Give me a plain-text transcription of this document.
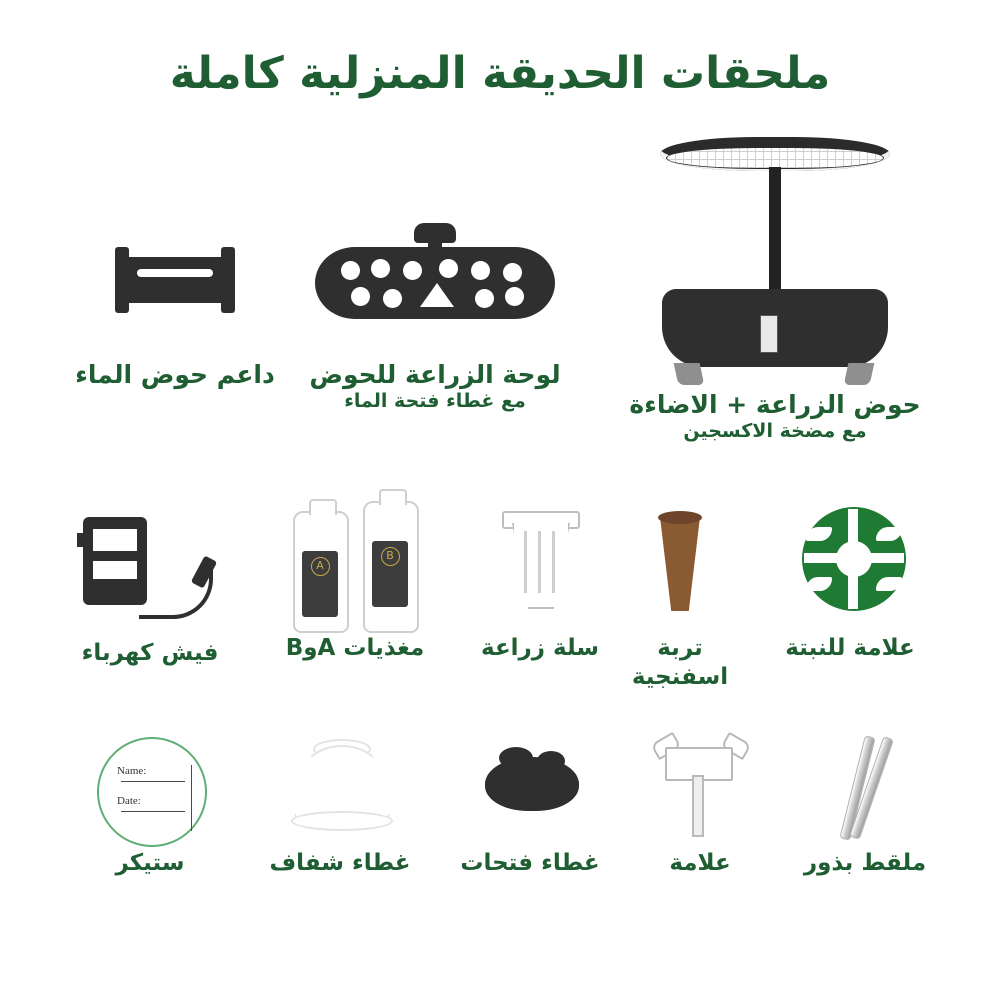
ملحقات الحديقة المنزلية كاملة
حوض الزراعة + الاضاءة
مع مضخة الاكسجين
لوحة الزراعة للحوض
مع غطاء فتحة الماء
داعم حوض الماء
فيش كهرباء
A
B
مغذيات AوB	سلة زراعة	تربة اسفنجية
علامة للنبتة
Name:
Date:
ستيكر	غطاء شفاف	غطاء فتحات	علامة	ملقط بذور
